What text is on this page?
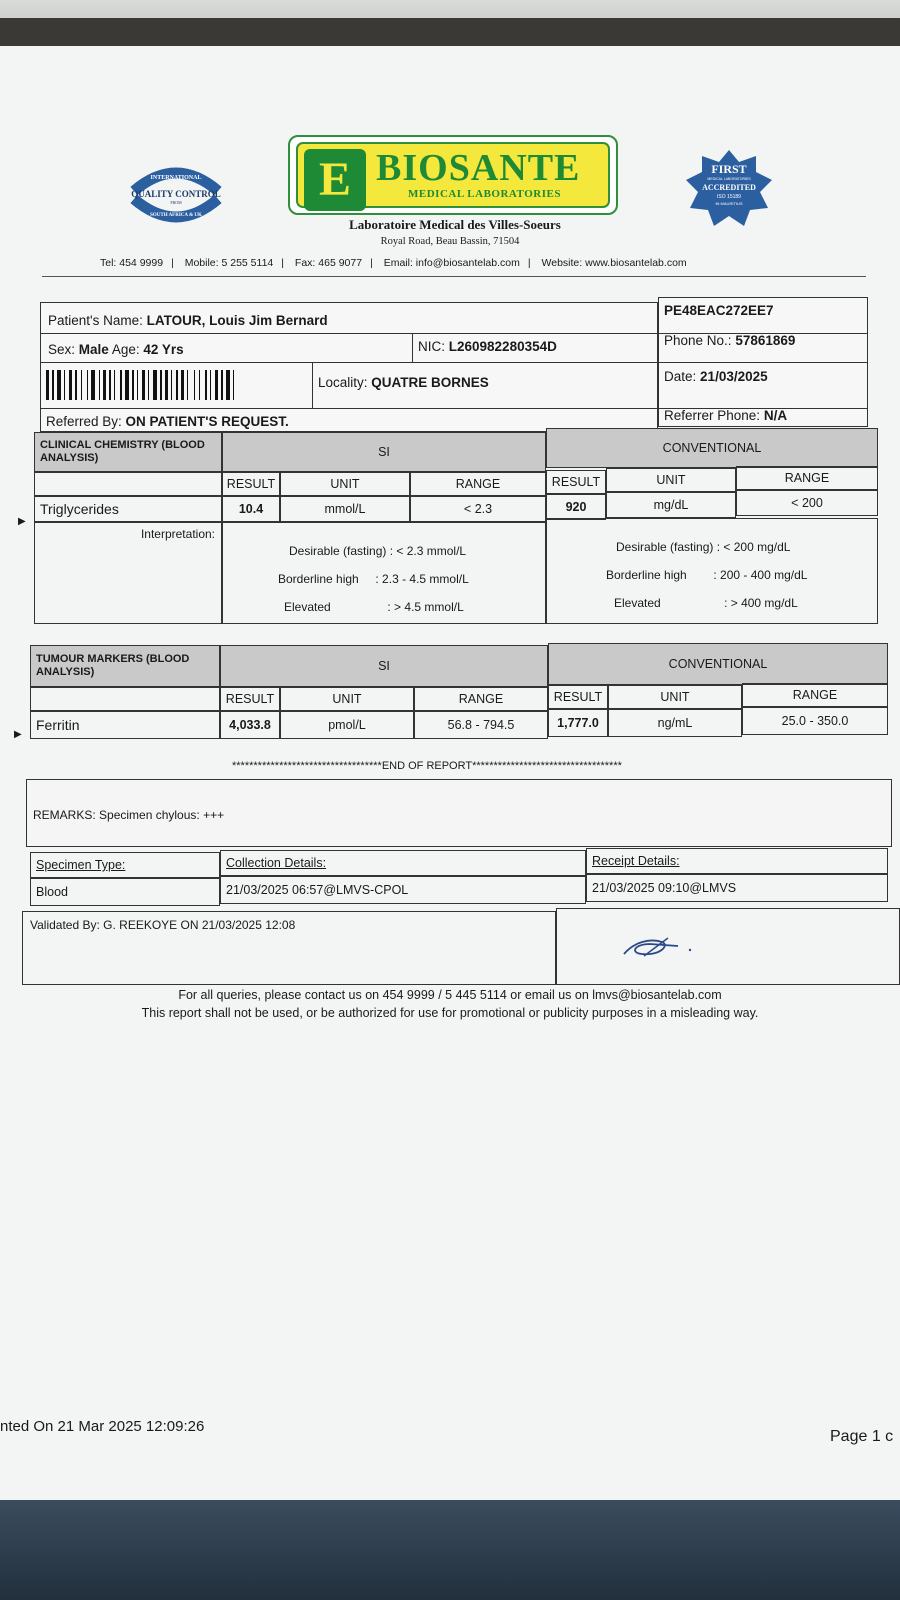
INTERNATIONAL
QUALITY CONTROL
FROM
SOUTH AFRICA & UK
E BIOSANTE
MEDICAL LABORATORIES
FIRST
MEDICAL LABORATORIES
ACCREDITED
ISO 15189
IN MAURITIUS
Laboratoire Medical des Villes-Soeurs
Royal Road, Beau Bassin, 71504
Tel: 454 9999 | Mobile: 5 255 5114 | Fax: 465 9077 | Email: info@biosantelab.com | Website: www.biosantelab.com
Patient's Name: LATOUR, Louis Jim Bernard
PE48EAC272EE7
Sex: Male Age: 42 Yrs	NIC: L260982280354D	Phone No.: 57861869
Locality: QUATRE BORNES	Date: 21/03/2025
Referred By: ON PATIENT'S REQUEST.	Referrer Phone: N/A
CLINICAL CHEMISTRY (BLOOD ANALYSIS)	SI	CONVENTIONAL
RESULT	UNIT	RANGE	RESULT	UNIT	RANGE
Triglycerides	10.4	mmol/L	< 2.3	920	mg/dL	< 200
Interpretation:
Desirable (fasting) : < 2.3 mmol/L
Borderline high : 2.3 - 4.5 mmol/L
Elevated	: > 4.5 mmol/L
Desirable (fasting) : < 200 mg/dL
Borderline high : 200 - 400 mg/dL
Elevated	: > 400 mg/dL
▶
TUMOUR MARKERS (BLOOD ANALYSIS)	SI	CONVENTIONAL
RESULT	UNIT	RANGE	RESULT	UNIT	RANGE
Ferritin	4,033.8	pmol/L	56.8 - 794.5	1,777.0	ng/mL	25.0 - 350.0
▶
***********************************END OF REPORT***********************************
REMARKS: Specimen chylous: +++
Specimen Type:	Collection Details:	Receipt Details:
Blood	21/03/2025 06:57@LMVS-CPOL	21/03/2025 09:10@LMVS
Validated By: G. REEKOYE ON 21/03/2025 12:08
For all queries, please contact us on 454 9999 / 5 445 5114 or email us on lmvs@biosantelab.com
This report shall not be used, or be authorized for use for promotional or publicity purposes in a misleading way.
nted On 21 Mar 2025 12:09:26
Page 1 c
